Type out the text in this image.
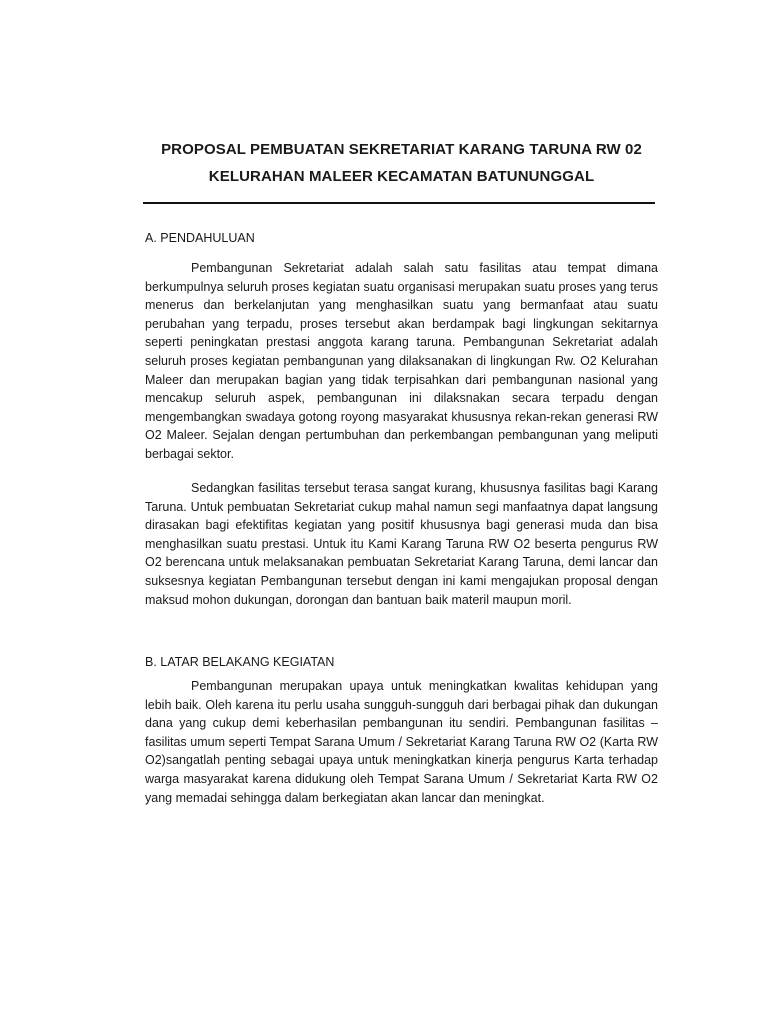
PROPOSAL PEMBUATAN SEKRETARIAT KARANG TARUNA RW 02
KELURAHAN MALEER KECAMATAN BATUNUNGGAL
A. PENDAHULUAN

Pembangunan Sekretariat adalah salah satu fasilitas atau tempat dimana berkumpulnya seluruh proses kegiatan suatu organisasi merupakan suatu proses yang terus menerus dan berkelanjutan yang menghasilkan suatu yang bermanfaat atau suatu perubahan yang terpadu, proses tersebut akan berdampak bagi lingkungan sekitarnya seperti peningkatan prestasi anggota karang taruna. Pembangunan Sekretariat adalah seluruh proses kegiatan pembangunan yang dilaksanakan di lingkungan Rw. O2 Kelurahan Maleer dan merupakan bagian yang tidak terpisahkan dari pembangunan nasional yang mencakup seluruh aspek, pembangunan ini dilaksnakan secara terpadu dengan mengembangkan swadaya gotong royong masyarakat khususnya rekan-rekan generasi RW O2 Maleer. Sejalan dengan pertumbuhan dan perkembangan pembangunan yang meliputi berbagai sektor.

Sedangkan fasilitas tersebut terasa sangat kurang, khususnya fasilitas bagi Karang Taruna. Untuk pembuatan Sekretariat cukup mahal namun segi manfaatnya dapat langsung dirasakan bagi efektifitas kegiatan yang positif khususnya bagi generasi muda dan bisa menghasilkan suatu prestasi. Untuk itu Kami Karang Taruna RW O2 beserta pengurus RW O2 berencana untuk melaksanakan pembuatan Sekretariat Karang Taruna, demi lancar dan suksesnya kegiatan Pembangunan tersebut dengan ini kami mengajukan proposal dengan maksud mohon dukungan, dorongan dan bantuan baik materil maupun moril.

B. LATAR BELAKANG KEGIATAN

Pembangunan merupakan upaya untuk meningkatkan kwalitas kehidupan yang lebih baik. Oleh karena itu perlu usaha sungguh-sungguh dari berbagai pihak dan dukungan dana yang cukup demi keberhasilan pembangunan itu sendiri. Pembangunan fasilitas – fasilitas umum seperti Tempat Sarana Umum / Sekretariat Karang Taruna RW O2 (Karta RW O2)sangatlah penting sebagai upaya untuk meningkatkan kinerja pengurus Karta terhadap warga masyarakat karena didukung oleh Tempat Sarana Umum / Sekretariat Karta RW O2 yang memadai sehingga dalam berkegiatan akan lancar dan meningkat.
